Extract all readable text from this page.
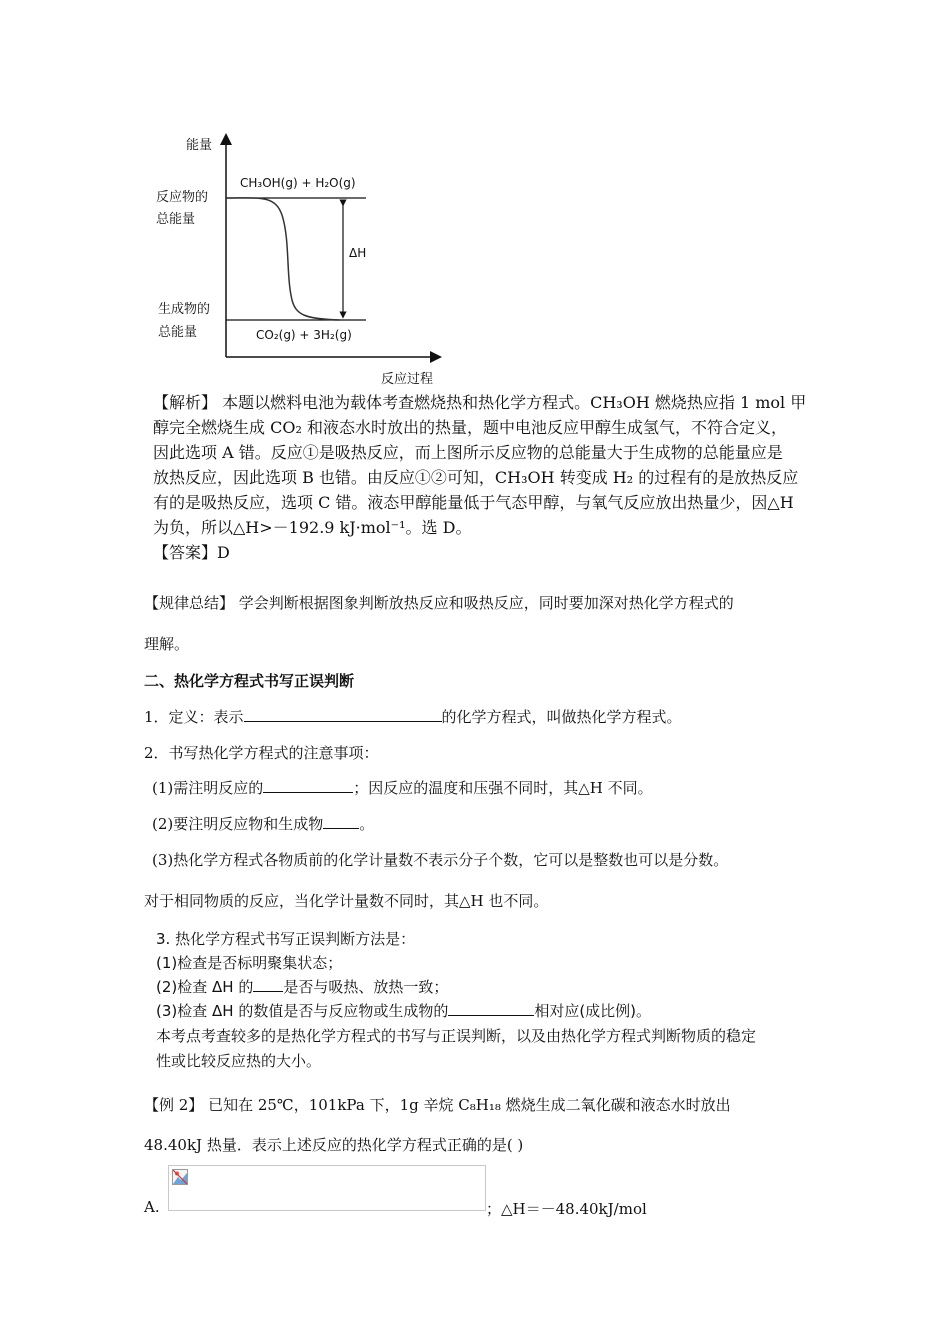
能量
反应过程
反应物的
总能量
生成物的
总能量
CH₃OH(g) + H₂O(g)
CO₂(g) + 3H₂(g)
ΔH
【解析】 本题以燃料电池为载体考查燃烧热和热化学方程式。CH₃OH 燃烧热应指 1 mol 甲
醇完全燃烧生成 CO₂ 和液态水时放出的热量，题中电池反应甲醇生成氢气，不符合定义，
因此选项 A 错。反应①是吸热反应，而上图所示反应物的总能量大于生成物的总能量应是
放热反应，因此选项 B 也错。由反应①②可知，CH₃OH 转变成 H₂ 的过程有的是放热反应
有的是吸热反应，选项 C 错。液态甲醇能量低于气态甲醇，与氧气反应放出热量少，因△H
为负，所以△H>－192.9 kJ·mol⁻¹。选 D。
【答案】D
【规律总结】 学会判断根据图象判断放热反应和吸热反应，同时要加深对热化学方程式的
理解。
二、热化学方程式书写正误判断
1．定义：表示	的化学方程式，叫做热化学方程式。
2．书写热化学方程式的注意事项：
(1)需注明反应的	；因反应的温度和压强不同时，其△H 不同。
(2)要注明反应物和生成物 。
(3)热化学方程式各物质前的化学计量数不表示分子个数，它可以是整数也可以是分数。
对于相同物质的反应，当化学计量数不同时，其△H 也不同。
3. 热化学方程式书写正误判断方法是：
(1)检查是否标明聚集状态；
(2)检查 ΔH 的 是否与吸热、放热一致；
(3)检查 ΔH 的数值是否与反应物或生成物的	相对应(成比例)。
本考点考查较多的是热化学方程式的书写与正误判断，以及由热化学方程式判断物质的稳定
性或比较反应热的大小。
【例 2】 已知在 25℃，101kPa 下，1g 辛烷 C₈H₁₈ 燃烧生成二氧化碳和液态水时放出
48.40kJ 热量．表示上述反应的热化学方程式正确的是( )
A.	；△H＝－48.40kJ/mol
